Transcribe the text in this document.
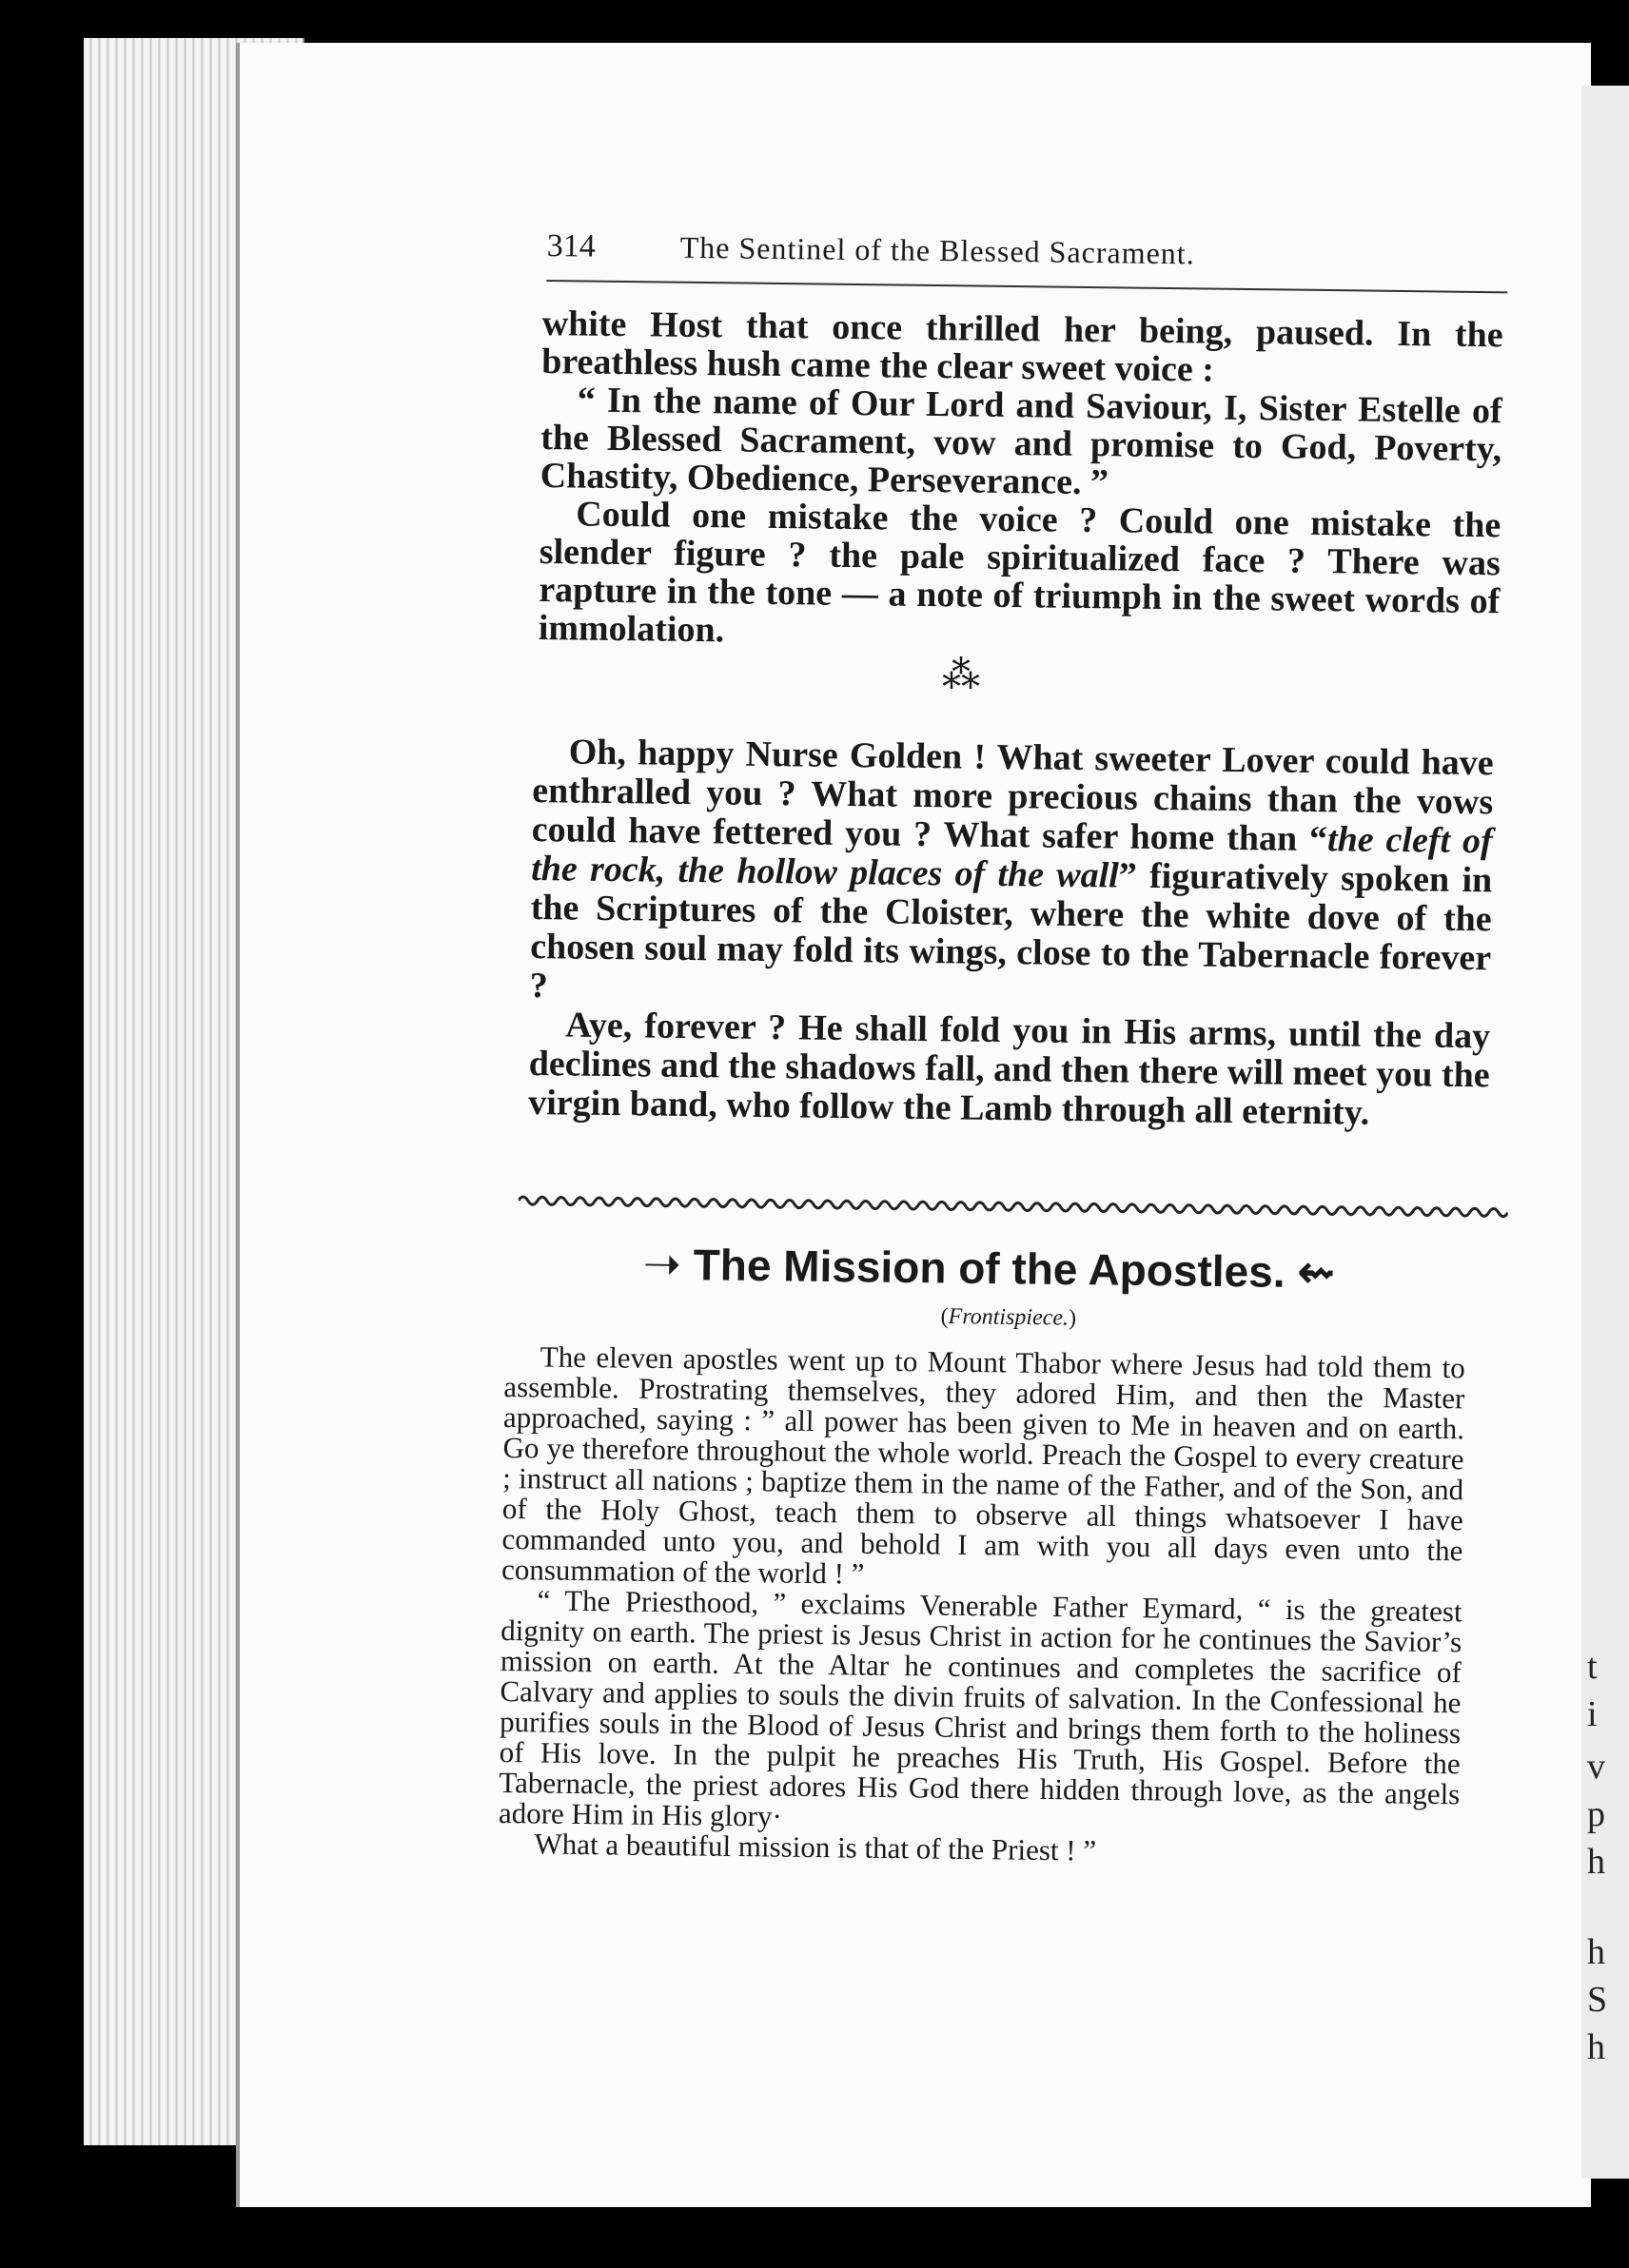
t
i
v
p
h
h
S
h
314	The Sentinel of the Blessed Sacrament.

white Host that once thrilled her being, paused. In the breathless hush came the clear sweet voice :

“ In the name of Our Lord and Saviour, I, Sister Estelle of the Blessed Sacrament, vow and promise to God, Poverty, Chastity, Obedience, Perseverance. ”

Could one mistake the voice ? Could one mistake the slender figure ? the pale spiritualized face ? There was rapture in the tone — a note of triumph in the sweet words of immolation.

⁂

Oh, happy Nurse Golden ! What sweeter Lover could have enthralled you ? What more precious chains than the vows could have fettered you ? What safer home than “the cleft of the rock, the hollow places of the wall” figuratively spoken in the Scriptures of the Cloister, where the white dove of the chosen soul may fold its wings, close to the Tabernacle forever ?

Aye, forever ? He shall fold you in His arms, until the day declines and the shadows fall, and then there will meet you the virgin band, who follow the Lamb through all eternity.

➝ The Mission of the Apostles. ⇜
(Frontispiece.)

The eleven apostles went up to Mount Thabor where Jesus had told them to assemble. Prostrating themselves, they adored Him, and then the Master approached, saying : ” all power has been given to Me in heaven and on earth. Go ye therefore throughout the whole world. Preach the Gospel to every creature ; instruct all nations ; baptize them in the name of the Father, and of the Son, and of the Holy Ghost, teach them to observe all things whatsoever I have commanded unto you, and behold I am with you all days even unto the consummation of the world ! ”

“ The Priesthood, ” exclaims Venerable Father Eymard, “ is the greatest dignity on earth. The priest is Jesus Christ in action for he continues the Savior’s mission on earth. At the Altar he continues and completes the sacrifice of Calvary and applies to souls the divin fruits of salvation. In the Confessional he purifies souls in the Blood of Jesus Christ and brings them forth to the holiness of His love. In the pulpit he preaches His Truth, His Gospel. Before the Tabernacle, the priest adores His God there hidden through love, as the angels adore Him in His glory·

What a beautiful mission is that of the Priest ! ”
